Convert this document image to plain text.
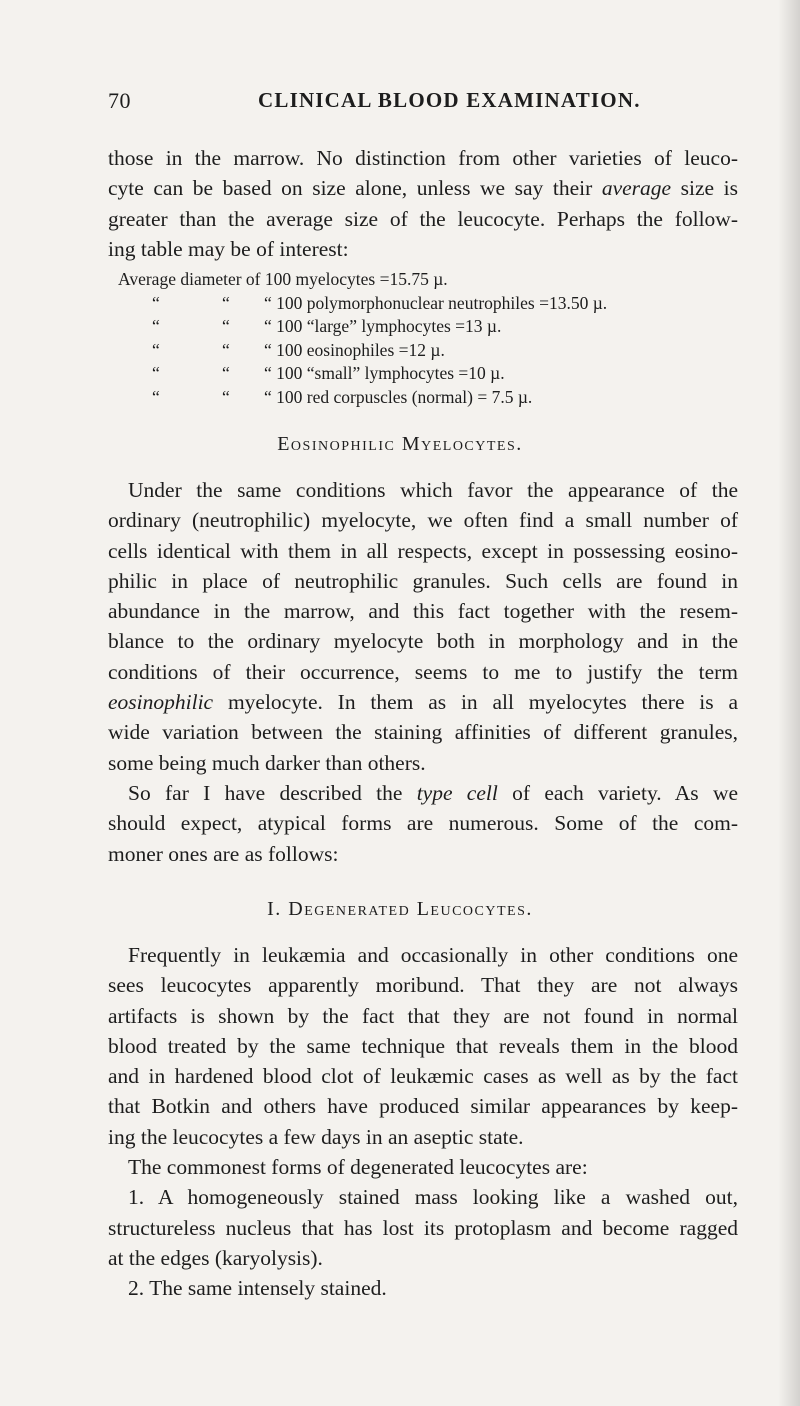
70	CLINICAL BLOOD EXAMINATION.
those in the marrow. No distinction from other varieties of leuco-
cyte can be based on size alone, unless we say their average size is
greater than the average size of the leucocyte. Perhaps the follow-
ing table may be of interest:
Average diameter of 100 myelocytes =15.75 µ.
“	“ “ 100 polymorphonuclear neutrophiles =13.50 µ.
“	“ “ 100 “large” lymphocytes =13 µ.
“	“ “ 100 eosinophiles =12 µ.
“	“ “ 100 “small” lymphocytes =10 µ.
“	“ “ 100 red corpuscles (normal) = 7.5 µ.
Eosinophilic Myelocytes.
Under the same conditions which favor the appearance of the
ordinary (neutrophilic) myelocyte, we often find a small number of
cells identical with them in all respects, except in possessing eosino-
philic in place of neutrophilic granules. Such cells are found in
abundance in the marrow, and this fact together with the resem-
blance to the ordinary myelocyte both in morphology and in the
conditions of their occurrence, seems to me to justify the term
eosinophilic myelocyte. In them as in all myelocytes there is a
wide variation between the staining affinities of different granules,
some being much darker than others.
So far I have described the type cell of each variety. As we
should expect, atypical forms are numerous. Some of the com-
moner ones are as follows:
I. Degenerated Leucocytes.
Frequently in leukæmia and occasionally in other conditions one
sees leucocytes apparently moribund. That they are not always
artifacts is shown by the fact that they are not found in normal
blood treated by the same technique that reveals them in the blood
and in hardened blood clot of leukæmic cases as well as by the fact
that Botkin and others have produced similar appearances by keep-
ing the leucocytes a few days in an aseptic state.
The commonest forms of degenerated leucocytes are:
1. A homogeneously stained mass looking like a washed out,
structureless nucleus that has lost its protoplasm and become ragged
at the edges (karyolysis).
2. The same intensely stained.
